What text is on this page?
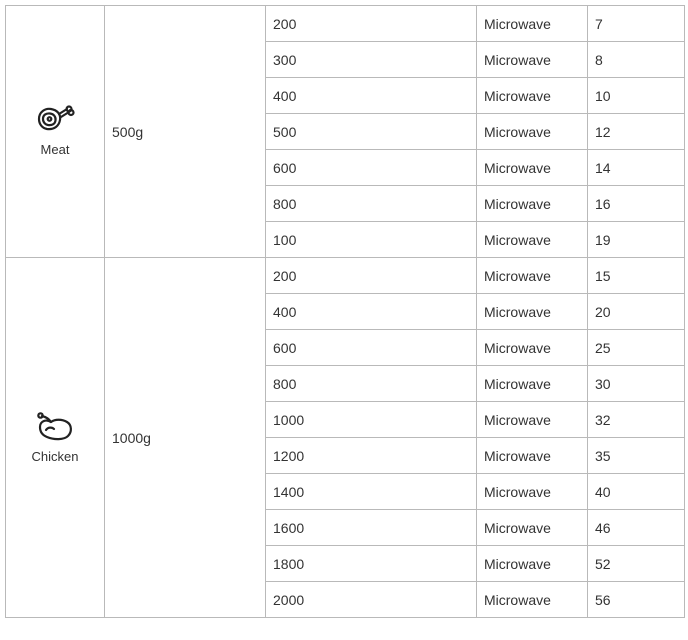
Meat	500g	200	Microwave	7
		300	Microwave	8
		400	Microwave	10
		500	Microwave	12
		600	Microwave	14
		800	Microwave	16
		100	Microwave	19

Chicken	1000g	200	Microwave	15
		400	Microwave	20
		600	Microwave	25
		800	Microwave	30
		1000	Microwave	32
		1200	Microwave	35
		1400	Microwave	40
		1600	Microwave	46
		1800	Microwave	52
		2000	Microwave	56
